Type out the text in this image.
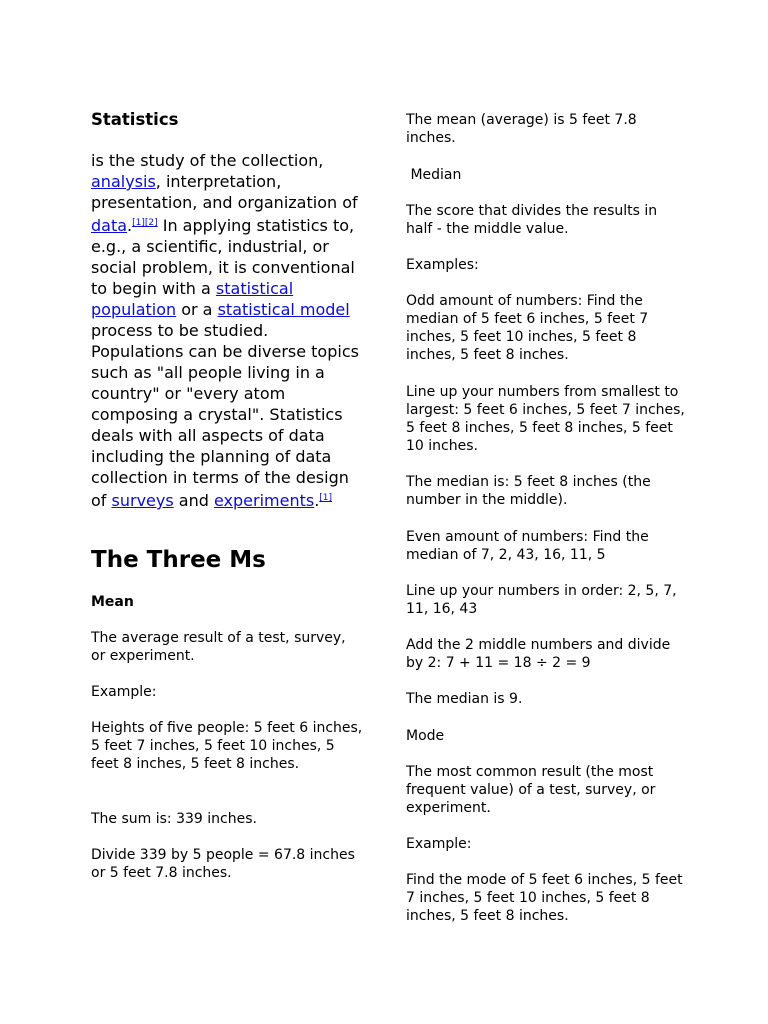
Statistics

is the study of the collection, analysis, interpretation, presentation, and organization of data.[1][2] In applying statistics to, e.g., a scientific, industrial, or social problem, it is conventional to begin with a statistical population or a statistical model process to be studied. Populations can be diverse topics such as "all people living in a country" or "every atom composing a crystal". Statistics deals with all aspects of data including the planning of data collection in terms of the design of surveys and experiments.[1]

The Three Ms

Mean

The average result of a test, survey, or experiment.

Example:

Heights of five people: 5 feet 6 inches, 5 feet 7 inches, 5 feet 10 inches, 5 feet 8 inches, 5 feet 8 inches.

The sum is: 339 inches.

Divide 339 by 5 people = 67.8 inches or 5 feet 7.8 inches.

The mean (average) is 5 feet 7.8 inches.

Median

The score that divides the results in half - the middle value.

Examples:

Odd amount of numbers: Find the median of 5 feet 6 inches, 5 feet 7 inches, 5 feet 10 inches, 5 feet 8 inches, 5 feet 8 inches.

Line up your numbers from smallest to largest: 5 feet 6 inches, 5 feet 7 inches, 5 feet 8 inches, 5 feet 8 inches, 5 feet 10 inches.

The median is: 5 feet 8 inches (the number in the middle).

Even amount of numbers: Find the median of 7, 2, 43, 16, 11, 5

Line up your numbers in order: 2, 5, 7, 11, 16, 43

Add the 2 middle numbers and divide by 2: 7 + 11 = 18 ÷ 2 = 9

The median is 9.

Mode

The most common result (the most frequent value) of a test, survey, or experiment.

Example:

Find the mode of 5 feet 6 inches, 5 feet 7 inches, 5 feet 10 inches, 5 feet 8 inches, 5 feet 8 inches.
